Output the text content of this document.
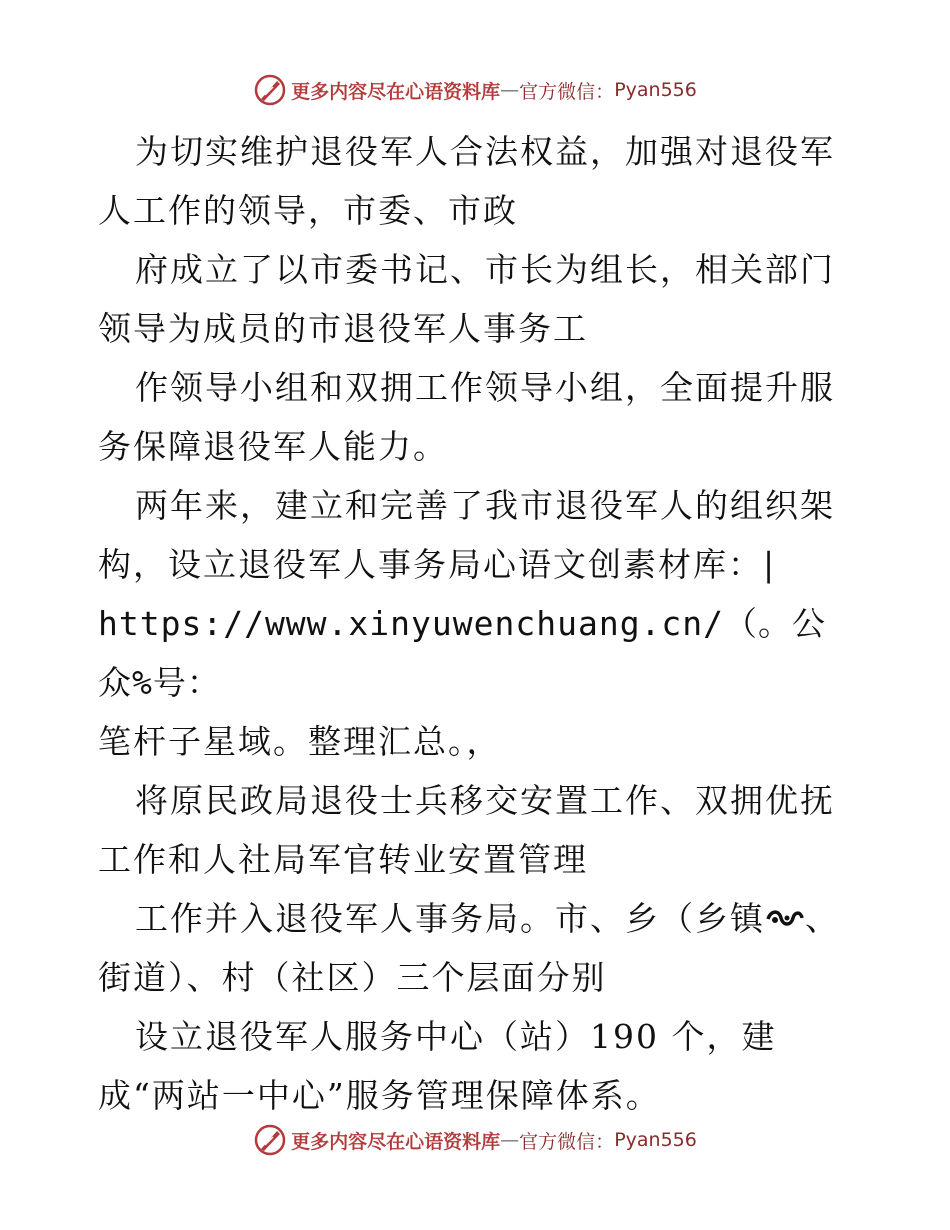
更多内容尽在心语资料库 — 官方微信： Pyan556

为切实维护退役军人合法权益，加强对退役军人工作的领导，市委、市政

府成立了以市委书记、市长为组长，相关部门领导为成员的市退役军人事务工

作领导小组和双拥工作领导小组，全面提升服务保障退役军人能力。

两年来，建立和完善了我市退役军人的组织架构，设立退役军人事务局心语文创素材库：|

https://www.xinyuwenchuang.cn/（。公众%号：

笔杆子星域。整理汇总。，

将原民政局退役士兵移交安置工作、双拥优抚工作和人社局军官转业安置管理

工作并入退役军人事务局。市、乡（乡镇 、街道）、村（社区）三个层面分别

设立退役军人服务中心（站）190 个，建成“两站一中心”服务管理保障体系。

更多内容尽在心语资料库 — 官方微信： Pyan556
